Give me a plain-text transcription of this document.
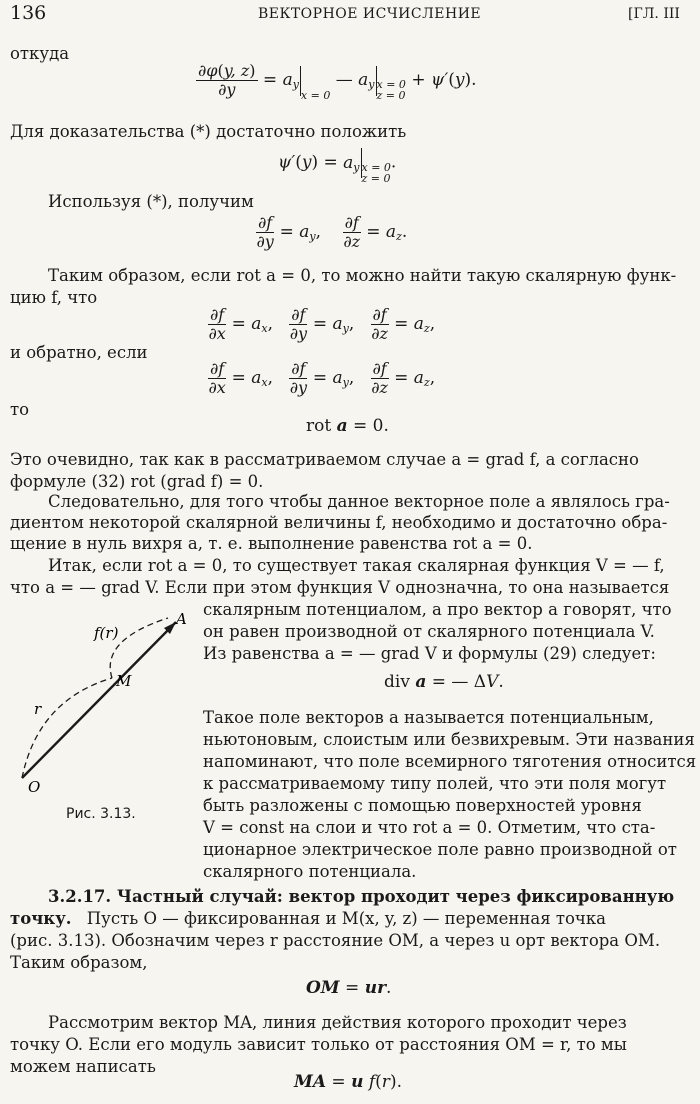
136	ВЕКТОРНОЕ ИСЧИСЛЕНИЕ	[ГЛ. III
откуда
$\frac{\partial\varphi(y, z)}{\partial y} = a_yx = 0$ — $a_y$ x = 0
z = 0 + ψ′(y).
Для доказательства (*) достаточно положить
$\psi'(y) = a_y$ x = 0
z = 0.
Используя (*), получим
$\frac{\partial f}{\partial y} = a_y$, $\frac{\partial f}{\partial z} = a_z$.
Таким образом, если rot a = 0, то можно найти такую скалярную функ-
цию f, что
$\frac{\partial f}{\partial x} = a_x$, $\frac{\partial f}{\partial y} = a_y$, $\frac{\partial f}{\partial z} = a_z$,
и обратно, если
$\frac{\partial f}{\partial x} = a_x$, $\frac{\partial f}{\partial y} = a_y$, $\frac{\partial f}{\partial z} = a_z$,
то
rot a = 0.
Это очевидно, так как в рассматриваемом случае a = grad f, а согласно
формуле (32) rot (grad f) = 0.
Следовательно, для того чтобы данное векторное поле a являлось гра-
диентом некоторой скалярной величины f, необходимо и достаточно обра-
щение в нуль вихря a, т. е. выполнение равенства rot a = 0.
Итак, если rot a = 0, то существует такая скалярная функция V = — f,
что a = — grad V. Если при этом функция V однозначна, то она называется
скалярным потенциалом, а про вектор a говорят, что
он равен производной от скалярного потенциала V.
Из равенства a = — grad V и формулы (29) следует:
div a = — ΔV.
Такое поле векторов a называется потенциальным,
ньютоновым, слоистым или безвихревым. Эти названия
напоминают, что поле всемирного тяготения относится
к рассматриваемому типу полей, что эти поля могут
быть разложены с помощью поверхностей уровня
V = const на слои и что rot a = 0. Отметим, что ста-
ционарное электрическое поле равно производной от
скалярного потенциала.
f(r)
A
M
r
O
Рис. 3.13.
3.2.17. Частный случай: вектор проходит через фиксированную
точку. Пусть O — фиксированная и M(x, y, z) — переменная точка
(рис. 3.13). Обозначим через r расстояние OM, а через u орт вектора OM.
Таким образом,
OM = ur.
Рассмотрим вектор MA, линия действия которого проходит через
точку O. Если его модуль зависит только от расстояния OM = r, то мы
можем написать
MA = u f(r).
